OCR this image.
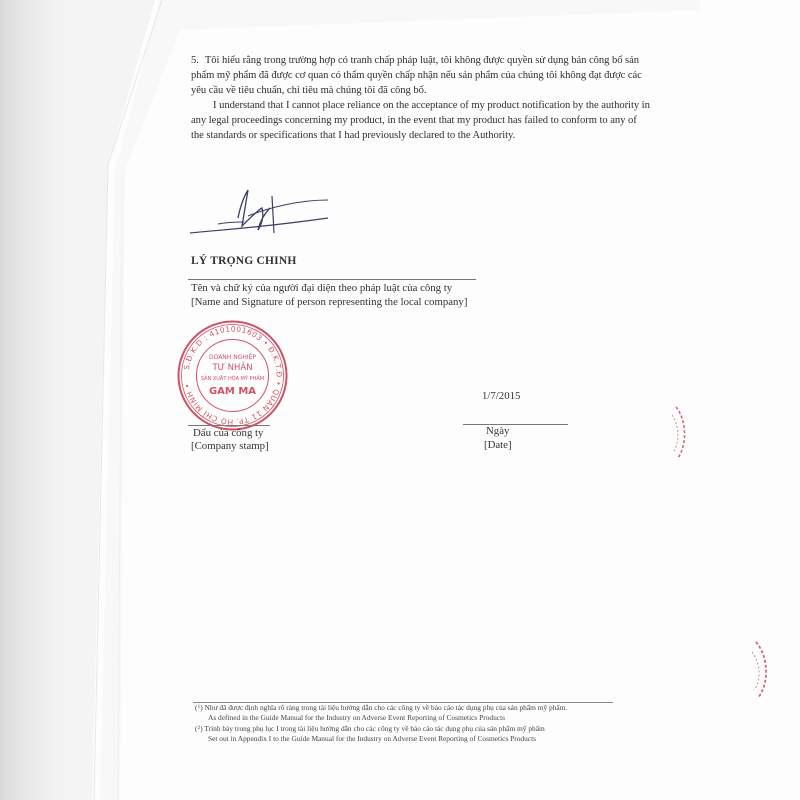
5. Tôi hiểu rằng trong trường hợp có tranh chấp pháp luật, tôi không được quyền sử dụng bản công bố sản phẩm mỹ phẩm đã được cơ quan có thẩm quyền chấp nhận nếu sản phẩm của chúng tôi không đạt được các yêu cầu về tiêu chuẩn, chỉ tiêu mà chúng tôi đã công bố.
I understand that I cannot place reliance on the acceptance of my product notification by the authority in any legal proceedings concerning my product, in the event that my product has failed to conform to any of the standards or specifications that I had previously declared to the Authority.
LÝ TRỌNG CHINH
Tên và chữ ký của người đại diện theo pháp luật của công ty
[Name and Signature of person representing the local company]
S.Đ.K.D : 4101001603 • Đ.K.T.Đ • QUẬN 11 TP. HỒ CHÍ MINH •
DOANH NGHIỆP
TƯ NHÂN
SẢN XUẤT HÓA MỸ PHẨM
GAM MA	1/7/2015
Dấu của công ty
[Company stamp]
Ngày
[Date]
($^1$) Như đã được định nghĩa rõ ràng trong tài liệu hướng dẫn cho các công ty về báo cáo tác dụng phụ của sản phẩm mỹ phẩm.
As defined in the Guide Manual for the Industry on Adverse Event Reporting of Cosmetics Products
($^2$) Trình bày trong phụ lục I trong tài liệu hướng dẫn cho các công ty về báo cáo tác dụng phụ của sản phẩm mỹ phẩm
Set out in Appendix I to the Guide Manual for the Industry on Adverse Event Reporting of Cosmetics Products
